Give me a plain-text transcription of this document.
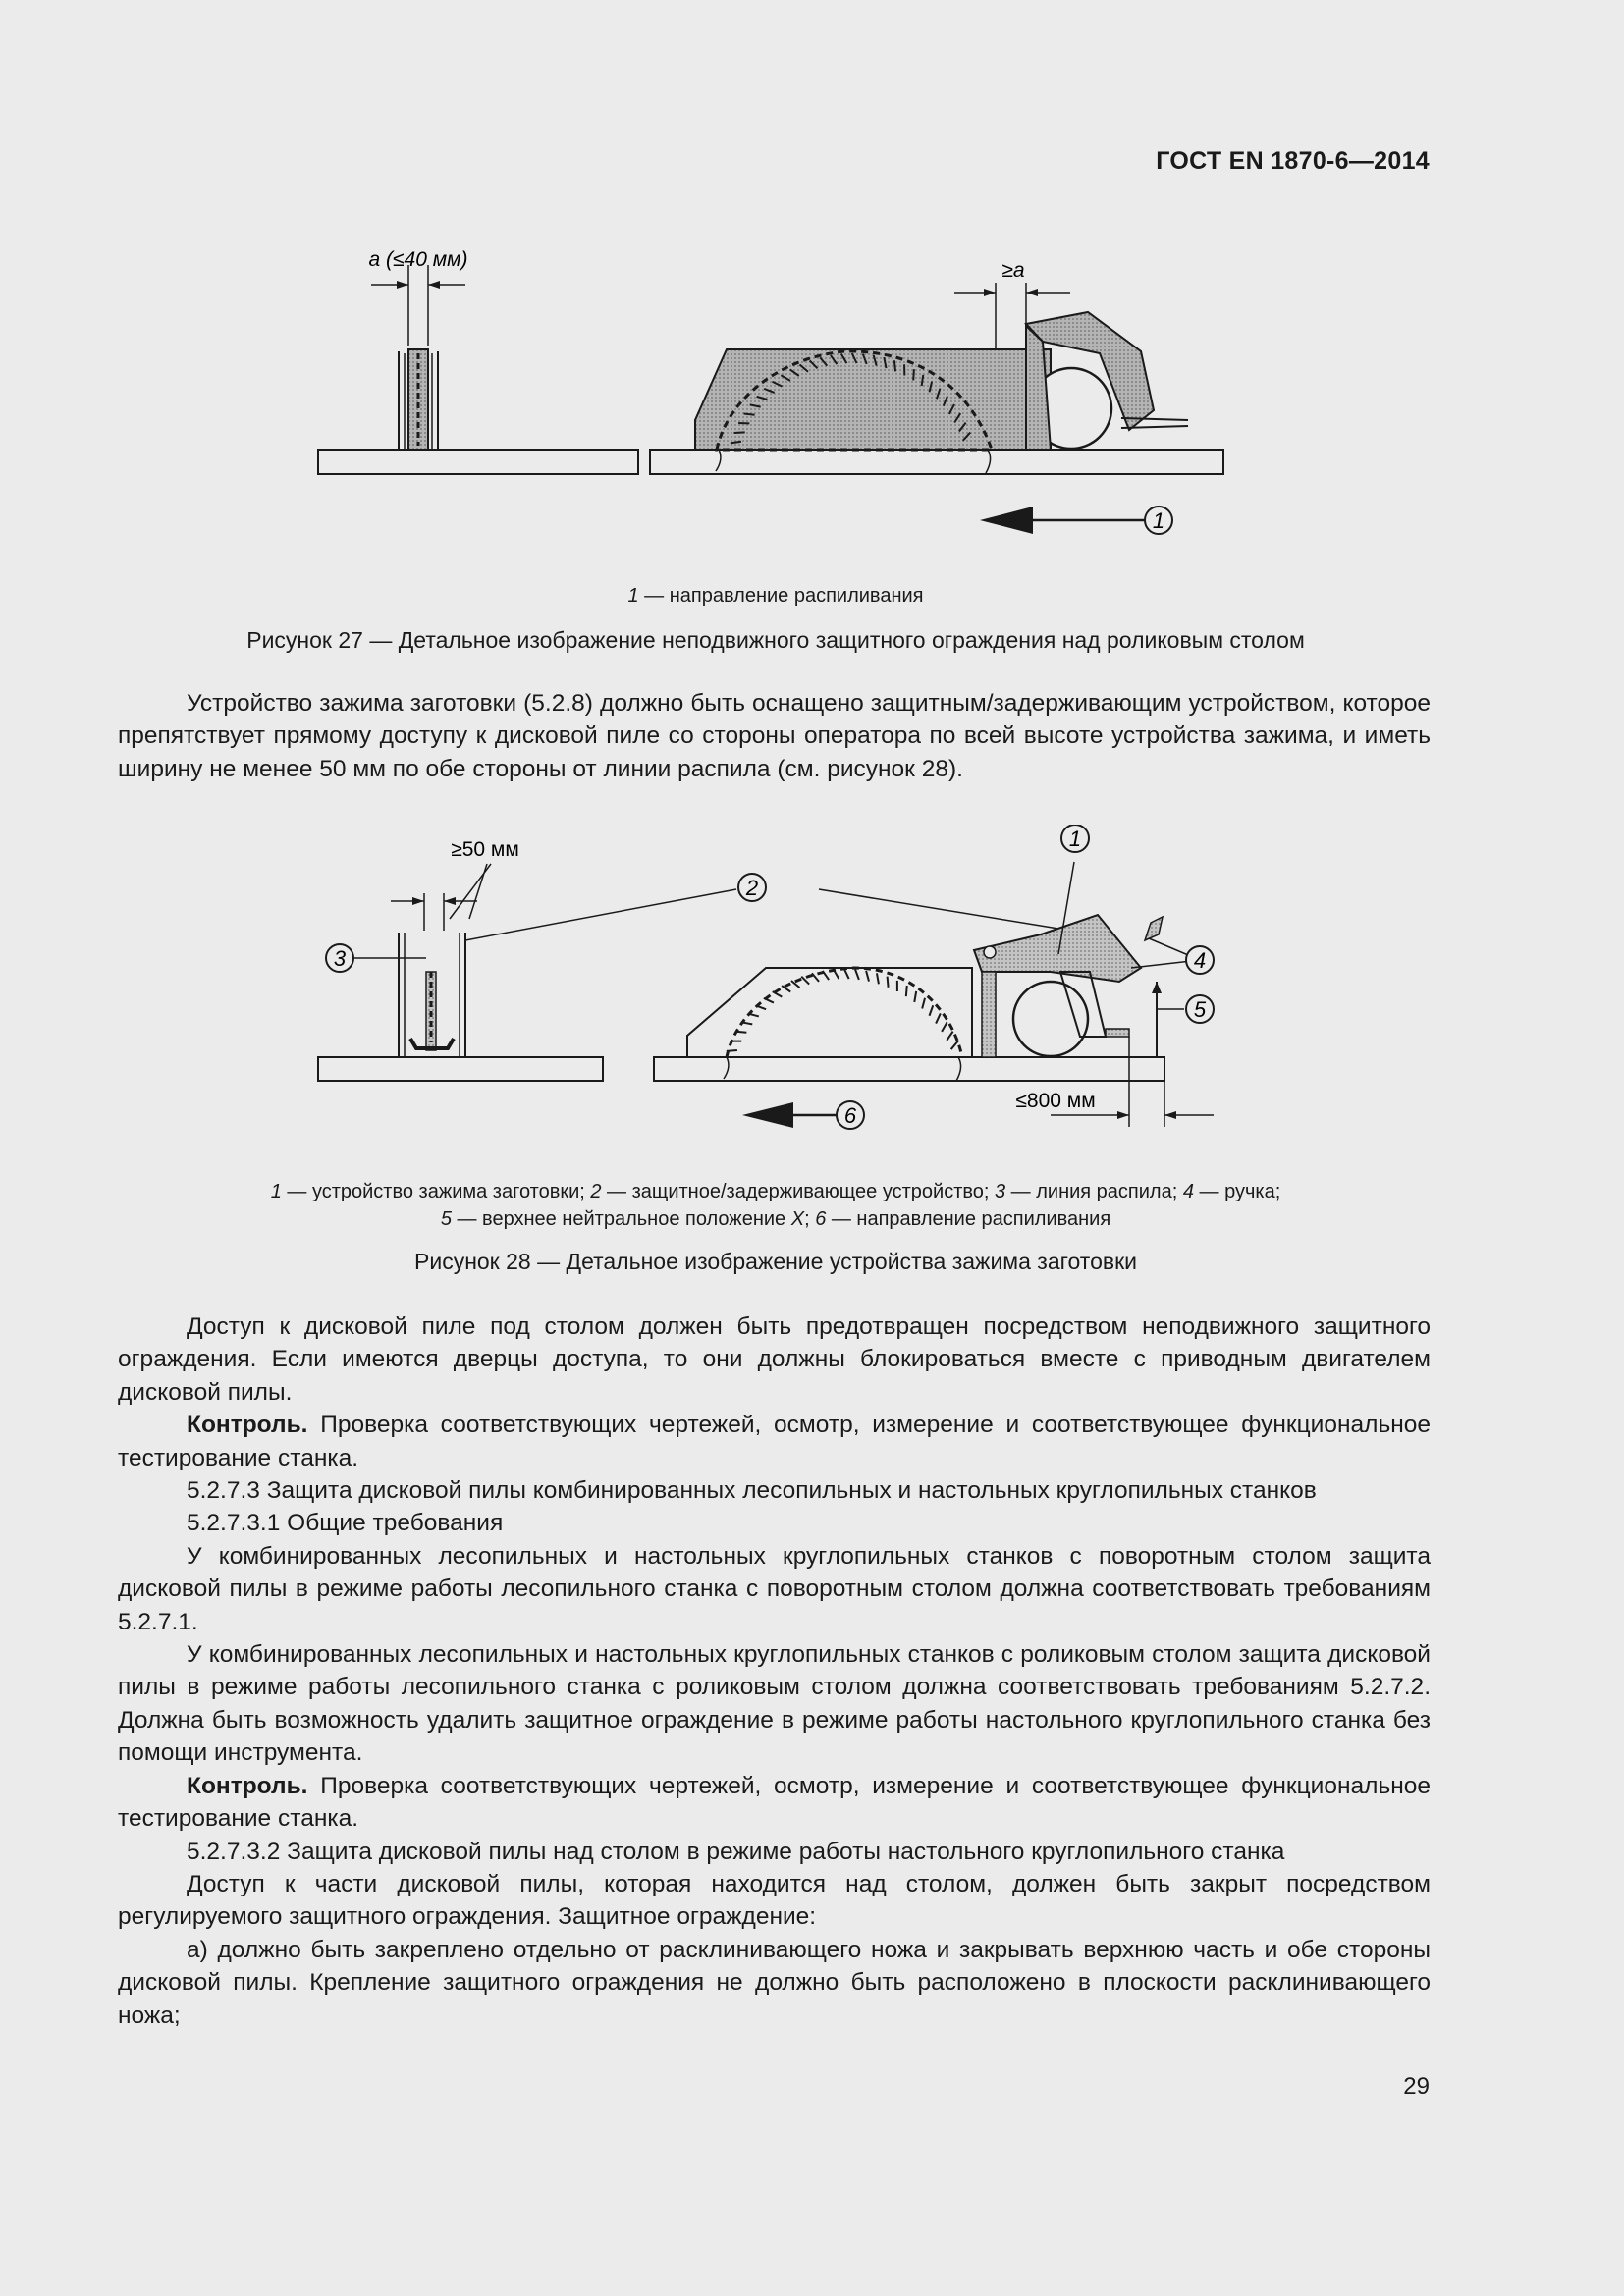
ГОСТ EN 1870-6—2014
a (≤40 мм)	≥a
1
1 — направление распиливания
Рисунок 27 — Детальное изображение неподвижного защитного ограждения над роликовым столом

Устройство зажима заготовки (5.2.8) должно быть оснащено защитным/задерживающим устройством, которое препятствует прямому доступу к дисковой пиле со стороны оператора по всей высоте устройства зажима, и иметь ширину не менее 50 мм по обе стороны от линии распила (см. рисунок 28).

≥50 мм
3
2
1
4
5
≤800 мм
6
1 — устройство зажима заготовки; 2 — защитное/задерживающее устройство; 3 — линия распила; 4 — ручка;
5 — верхнее нейтральное положение X; 6 — направление распиливания
Рисунок 28 — Детальное изображение устройства зажима заготовки

Доступ к дисковой пиле под столом должен быть предотвращен посредством неподвижного защитного ограждения. Если имеются дверцы доступа, то они должны блокироваться вместе с приводным двигателем дисковой пилы.

Контроль. Проверка соответствующих чертежей, осмотр, измерение и соответствующее функциональное тестирование станка.

5.2.7.3 Защита дисковой пилы комбинированных лесопильных и настольных круглопильных станков

5.2.7.3.1 Общие требования

У комбинированных лесопильных и настольных круглопильных станков с поворотным столом защита дисковой пилы в режиме работы лесопильного станка с поворотным столом должна соответствовать требованиям 5.2.7.1.

У комбинированных лесопильных и настольных круглопильных станков с роликовым столом защита дисковой пилы в режиме работы лесопильного станка с роликовым столом должна соответствовать требованиям 5.2.7.2. Должна быть возможность удалить защитное ограждение в режиме работы настольного круглопильного станка без помощи инструмента.

Контроль. Проверка соответствующих чертежей, осмотр, измерение и соответствующее функциональное тестирование станка.

5.2.7.3.2 Защита дисковой пилы над столом в режиме работы настольного круглопильного станка

Доступ к части дисковой пилы, которая находится над столом, должен быть закрыт посредством регулируемого защитного ограждения. Защитное ограждение:

а) должно быть закреплено отдельно от расклинивающего ножа и закрывать верхнюю часть и обе стороны дисковой пилы. Крепление защитного ограждения не должно быть расположено в плоскости расклинивающего ножа;

29
